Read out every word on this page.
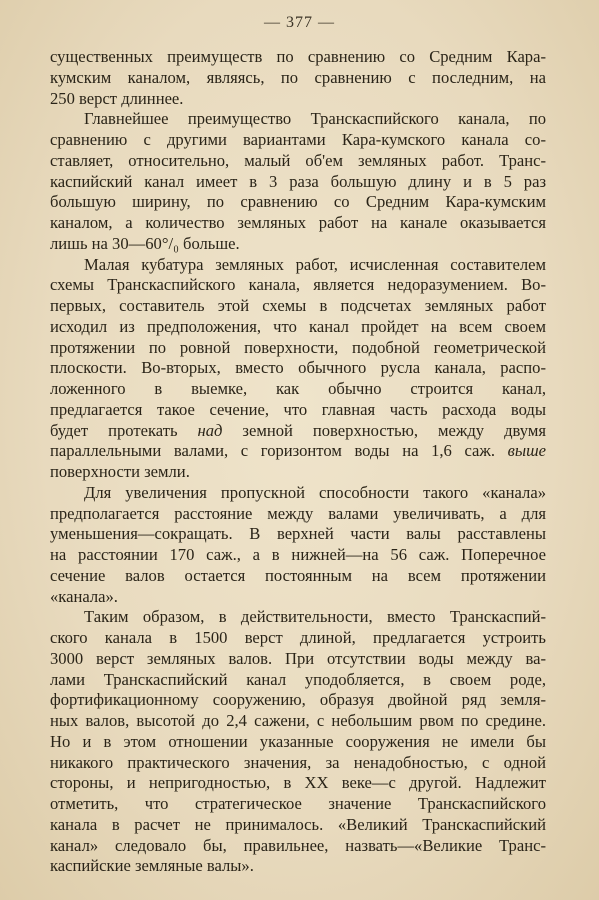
— 377 —
существенных преимуществ по сравнению со Средним Кара-
кумским каналом, являясь, по сравнению с последним, на
250 верст длиннее.
Главнейшее преимущество Транскаспийского канала, по
сравнению с другими вариантами Кара-кумского канала со-
ставляет, относительно, малый об'ем земляных работ. Транс-
каспийский канал имеет в 3 раза большую длину и в 5 раз
большую ширину, по сравнению со Средним Кара-кумским
каналом, а количество земляных работ на канале оказывается
лишь на 30—60°/₀ больше.
Малая кубатура земляных работ, исчисленная составителем
схемы Транскаспийского канала, является недоразумением. Во-
первых, составитель этой схемы в подсчетах земляных работ
исходил из предположения, что канал пройдет на всем своем
протяжении по ровной поверхности, подобной геометрической
плоскости. Во-вторых, вместо обычного русла канала, распо-
ложенного в выемке, как обычно строится канал,
предлагается такое сечение, что главная часть расхода воды
будет протекать над земной поверхностью, между двумя
параллельными валами, с горизонтом воды на 1,6 саж. выше
поверхности земли.
Для увеличения пропускной способности такого «канала»
предполагается расстояние между валами увеличивать, а для
уменьшения—сокращать. В верхней части валы расставлены
на расстоянии 170 саж., а в нижней—на 56 саж. Поперечное
сечение валов остается постоянным на всем протяжении
«канала».
Таким образом, в действительности, вместо Транскаспий-
ского канала в 1500 верст длиной, предлагается устроить
3000 верст земляных валов. При отсутствии воды между ва-
лами Транскаспийский канал уподобляется, в своем роде,
фортификационному сооружению, образуя двойной ряд земля-
ных валов, высотой до 2,4 сажени, с небольшим рвом по средине.
Но и в этом отношении указанные сооружения не имели бы
никакого практического значения, за ненадобностью, с одной
стороны, и непригодностью, в XX веке—с другой. Надлежит
отметить, что стратегическое значение Транскаспийского
канала в расчет не принималось. «Великий Транскаспийский
канал» следовало бы, правильнее, назвать—«Великие Транс-
каспийские земляные валы».
